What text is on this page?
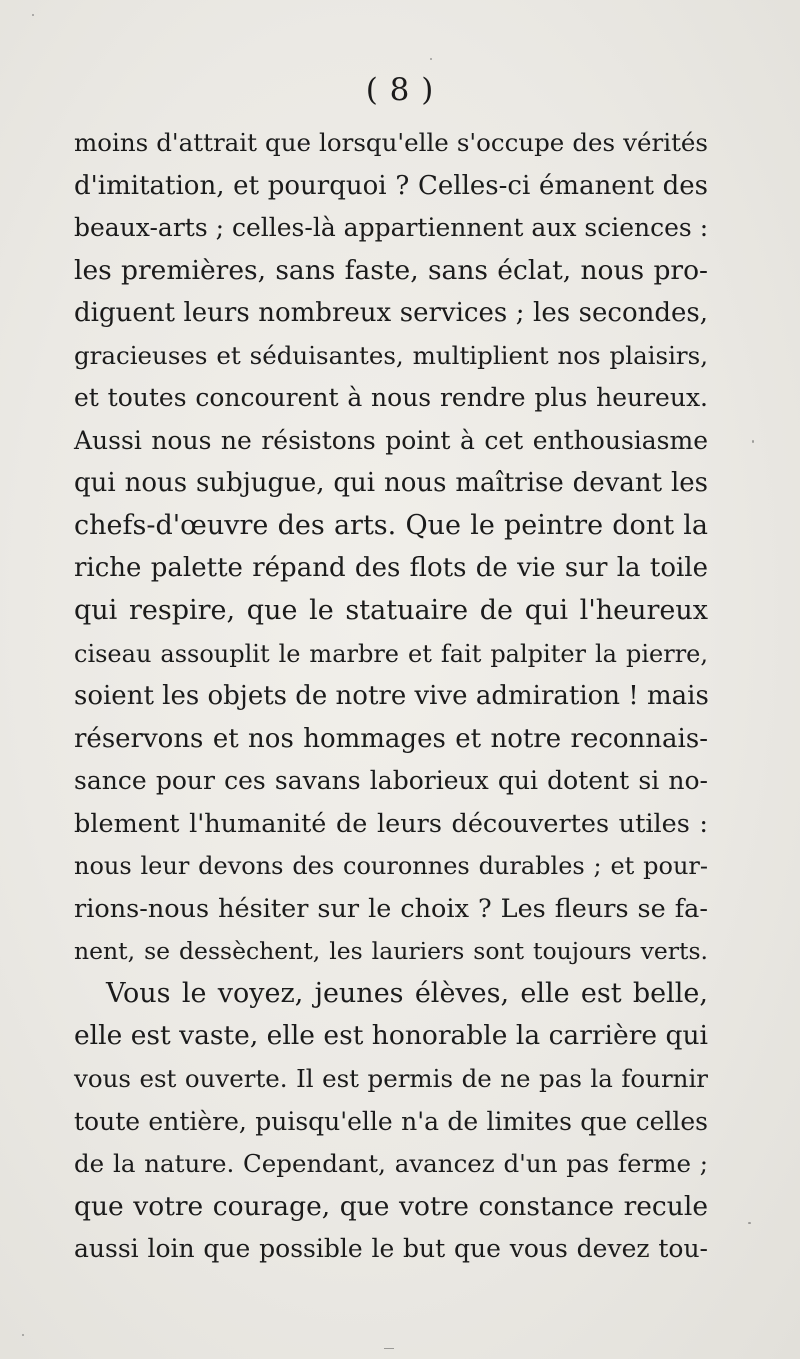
( 8 )
moins d'attrait que lorsqu'elle s'occupe des vérités
d'imitation, et pourquoi ? Celles-ci émanent des
beaux-arts ; celles-là appartiennent aux sciences :
les premières, sans faste, sans éclat, nous pro-
diguent leurs nombreux services ; les secondes,
gracieuses et séduisantes, multiplient nos plaisirs,
et toutes concourent à nous rendre plus heureux.
Aussi nous ne résistons point à cet enthousiasme
qui nous subjugue, qui nous maîtrise devant les
chefs-d'œuvre des arts. Que le peintre dont la
riche palette répand des flots de vie sur la toile
qui respire, que le statuaire de qui l'heureux
ciseau assouplit le marbre et fait palpiter la pierre,
soient les objets de notre vive admiration ! mais
réservons et nos hommages et notre reconnais-
sance pour ces savans laborieux qui dotent si no-
blement l'humanité de leurs découvertes utiles :
nous leur devons des couronnes durables ; et pour-
rions-nous hésiter sur le choix ? Les fleurs se fa-
nent, se dessèchent, les lauriers sont toujours verts.
Vous le voyez, jeunes élèves, elle est belle,
elle est vaste, elle est honorable la carrière qui
vous est ouverte. Il est permis de ne pas la fournir
toute entière, puisqu'elle n'a de limites que celles
de la nature. Cependant, avancez d'un pas ferme ;
que votre courage, que votre constance recule
aussi loin que possible le but que vous devez tou-
